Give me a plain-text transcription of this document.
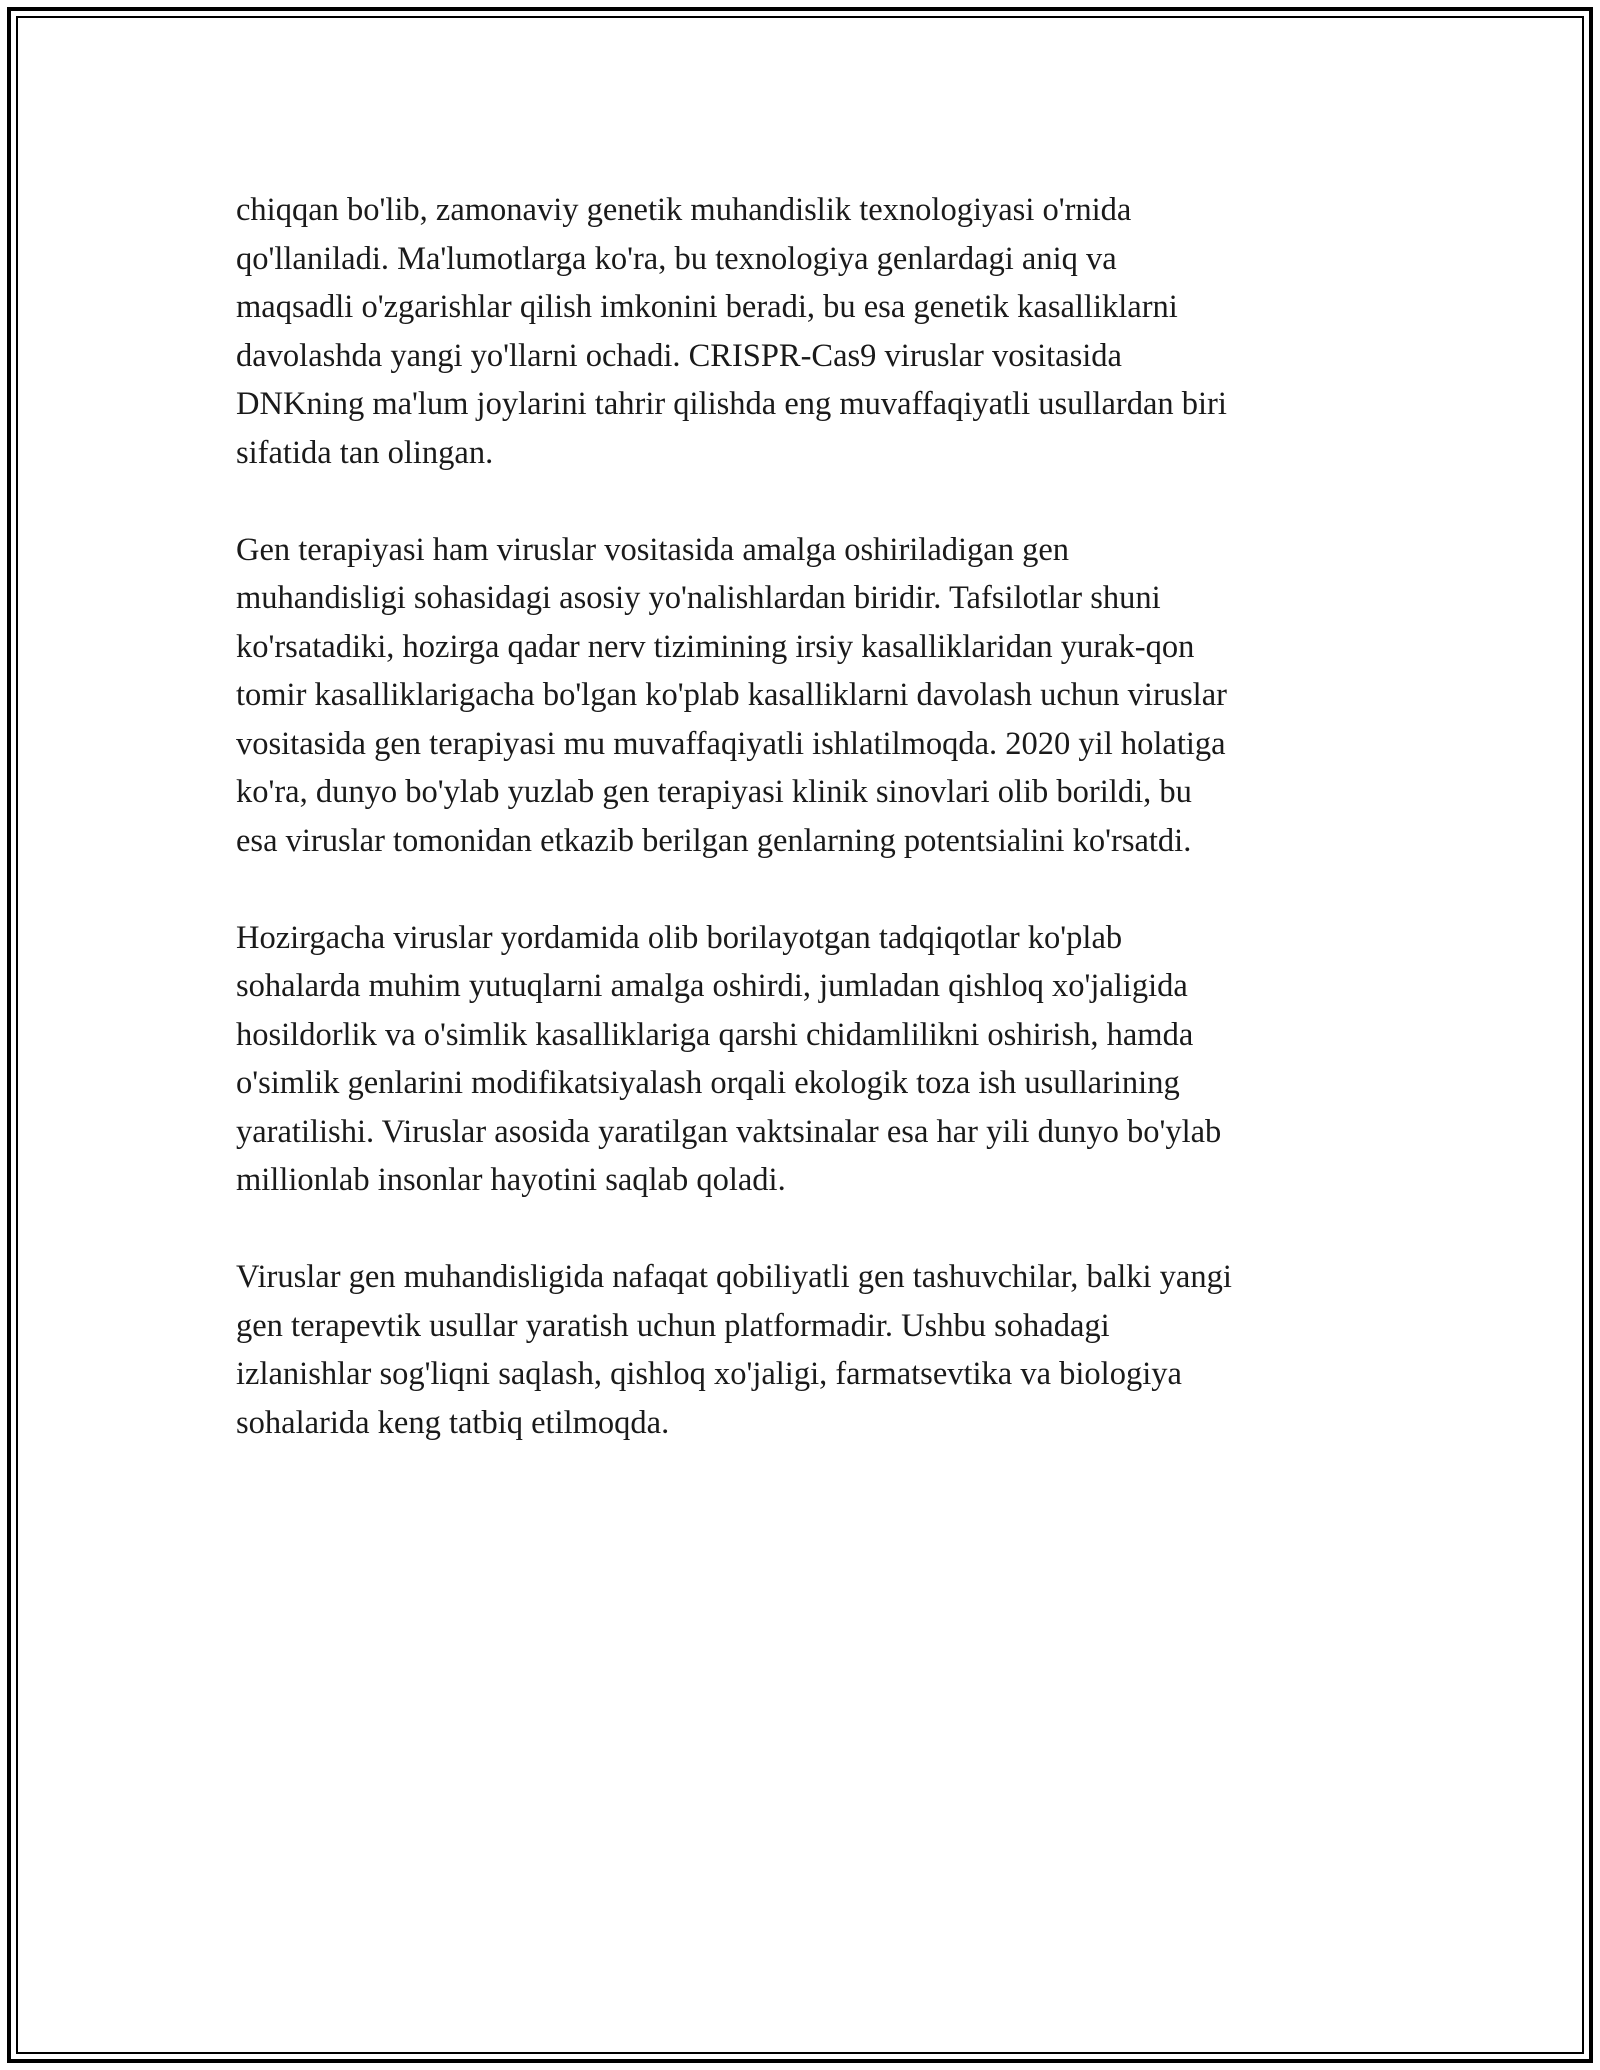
chiqqan bo'lib, zamonaviy genetik muhandislik texnologiyasi o'rnida
qo'llaniladi. Ma'lumotlarga ko'ra, bu texnologiya genlardagi aniq va
maqsadli o'zgarishlar qilish imkonini beradi, bu esa genetik kasalliklarni
davolashda yangi yo'llarni ochadi. CRISPR-Cas9 viruslar vositasida
DNKning ma'lum joylarini tahrir qilishda eng muvaffaqiyatli usullardan biri
sifatida tan olingan.

Gen terapiyasi ham viruslar vositasida amalga oshiriladigan gen
muhandisligi sohasidagi asosiy yo'nalishlardan biridir. Tafsilotlar shuni
ko'rsatadiki, hozirga qadar nerv tizimining irsiy kasalliklaridan yurak-qon
tomir kasalliklarigacha bo'lgan ko'plab kasalliklarni davolash uchun viruslar
vositasida gen terapiyasi mu muvaffaqiyatli ishlatilmoqda. 2020 yil holatiga
ko'ra, dunyo bo'ylab yuzlab gen terapiyasi klinik sinovlari olib borildi, bu
esa viruslar tomonidan etkazib berilgan genlarning potentsialini ko'rsatdi.

Hozirgacha viruslar yordamida olib borilayotgan tadqiqotlar ko'plab
sohalarda muhim yutuqlarni amalga oshirdi, jumladan qishloq xo'jaligida
hosildorlik va o'simlik kasalliklariga qarshi chidamlilikni oshirish, hamda
o'simlik genlarini modifikatsiyalash orqali ekologik toza ish usullarining
yaratilishi. Viruslar asosida yaratilgan vaktsinalar esa har yili dunyo bo'ylab
millionlab insonlar hayotini saqlab qoladi.

Viruslar gen muhandisligida nafaqat qobiliyatli gen tashuvchilar, balki yangi
gen terapevtik usullar yaratish uchun platformadir. Ushbu sohadagi
izlanishlar sog'liqni saqlash, qishloq xo'jaligi, farmatsevtika va biologiya
sohalarida keng tatbiq etilmoqda.
